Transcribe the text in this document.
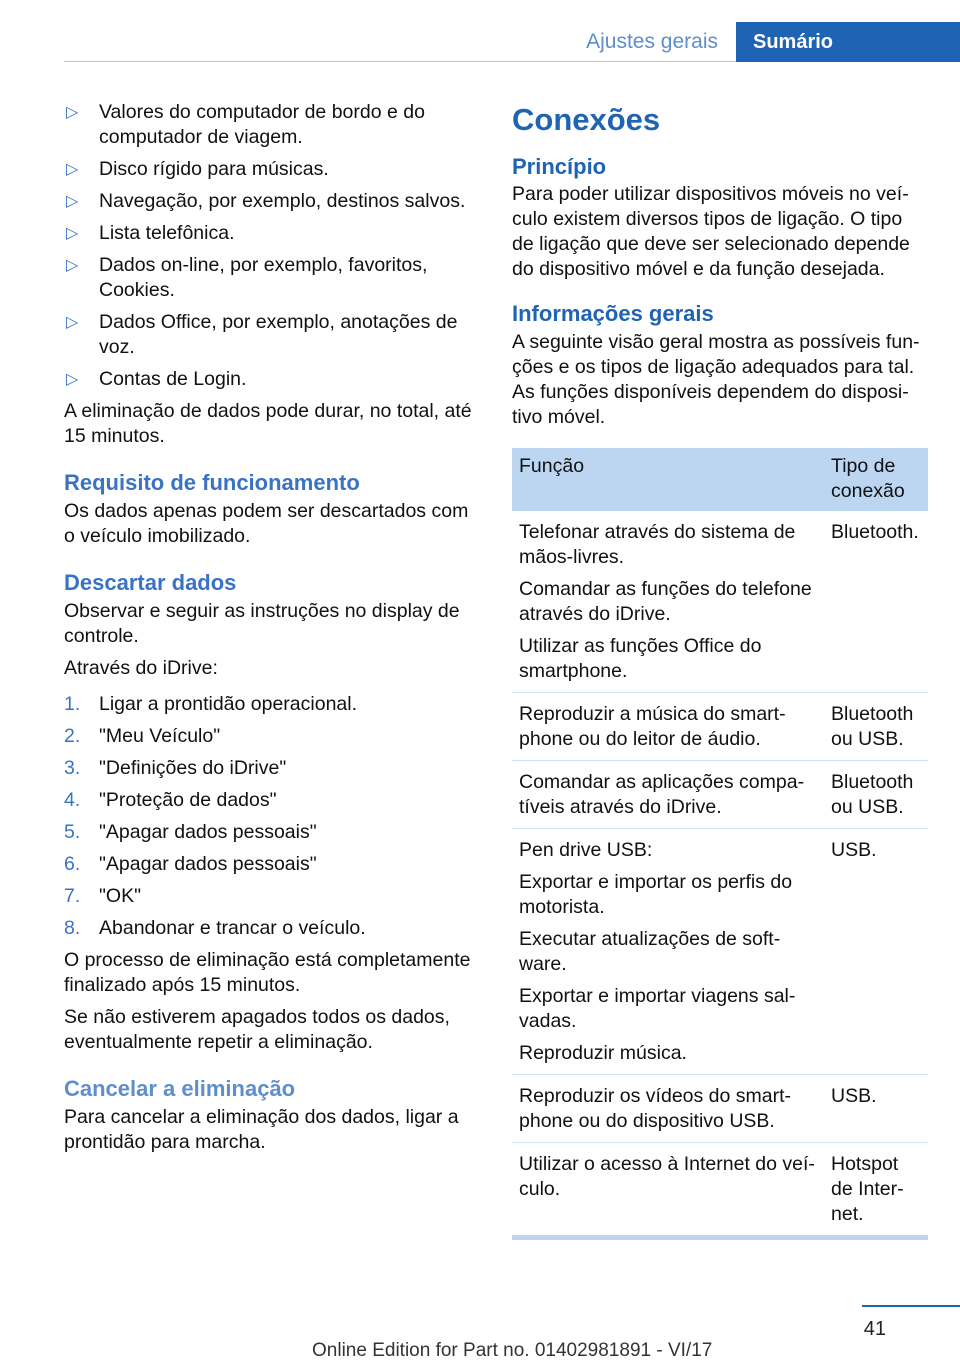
Ajustes gerais Sumário
▷ Valores do computador de bordo e do computador de viagem.
▷ Disco rígido para músicas.
▷ Navegação, por exemplo, destinos salvos.
▷ Lista telefônica.
▷ Dados on-line, por exemplo, favoritos, Cookies.
▷ Dados Office, por exemplo, anotações de voz.
▷ Contas de Login.

A eliminação de dados pode durar, no total, até 15 minutos.

Requisito de funcionamento

Os dados apenas podem ser descartados com o veículo imobilizado.

Descartar dados

Observar e seguir as instruções no display de controle.

Através do iDrive:

1. Ligar a prontidão operacional.
2. "Meu Veículo"
3. "Definições do iDrive"
4. "Proteção de dados"
5. "Apagar dados pessoais"
6. "Apagar dados pessoais"
7. "OK"
8. Abandonar e trancar o veículo.

O processo de eliminação está completamente finalizado após 15 minutos.

Se não estiverem apagados todos os dados, eventualmente repetir a eliminação.

Cancelar a eliminação

Para cancelar a eliminação dos dados, ligar a prontidão para marcha.

Conexões
Princípio

Para poder utilizar dispositivos móveis no veículo existem diversos tipos de ligação. O tipo de ligação que deve ser selecionado depende do dispositivo móvel e da função desejada.

Informações gerais

A seguinte visão geral mostra as possíveis funções e os tipos de ligação adequados para tal. As funções disponíveis dependem do dispositivo móvel.

Função	Tipo de conexão

Telefonar através do sistema de mãos-livres.
Comandar as funções do telefone através do iDrive.
Utilizar as funções Office do smartphone.	Bluetooth.

Reproduzir a música do smartphone ou do leitor de áudio.	Bluetooth ou USB.

Comandar as aplicações compatíveis através do iDrive.	Bluetooth ou USB.

Pen drive USB:
Exportar e importar os perfis do motorista.
Executar atualizações de software.
Exportar e importar viagens salvadas.
Reproduzir música.	USB.

Reproduzir os vídeos do smartphone ou do dispositivo USB.	USB.

Utilizar o acesso à Internet do veículo.	Hotspot de Internet.
41
Online Edition for Part no. 01402981891 - VI/17
